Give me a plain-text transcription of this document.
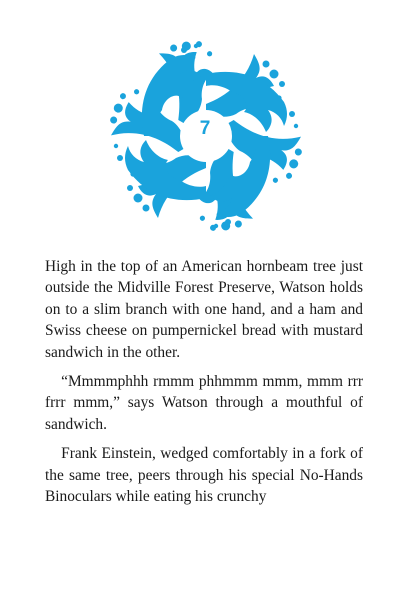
7

High in the top of an American hornbeam tree just outside the Midville Forest Preserve, Watson holds on to a slim branch with one hand, and a ham and Swiss cheese on pumpernickel bread with mustard sandwich in the other.

“Mmmmphhh rmmm phhmmm mmm, mmm rrr frrr mmm,” says Watson through a mouthful of sandwich.

Frank Einstein, wedged comfortably in a fork of the same tree, peers through his special No-Hands Binoculars while eating his crunchy
